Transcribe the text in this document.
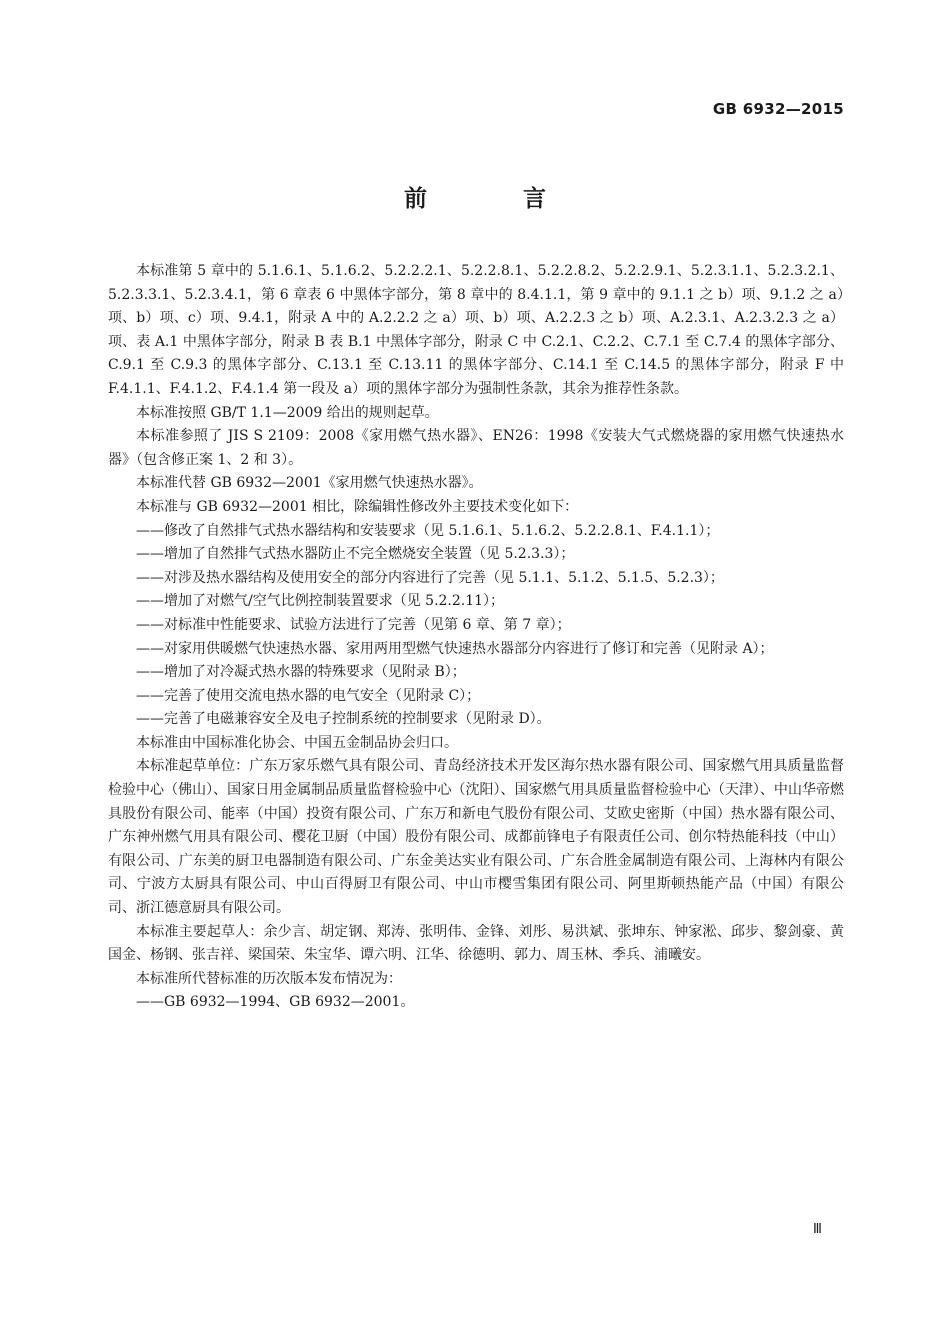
GB 6932—2015
前 言

本标准第 5 章中的 5.1.6.1、5.1.6.2、5.2.2.2.1、5.2.2.8.1、5.2.2.8.2、5.2.2.9.1、5.2.3.1.1、5.2.3.2.1、5.2.3.3.1、5.2.3.4.1，第 6 章表 6 中黑体字部分，第 8 章中的 8.4.1.1，第 9 章中的 9.1.1 之 b）项、9.1.2 之 a）项、b）项、c）项、9.4.1，附录 A 中的 A.2.2.2 之 a）项、b）项、A.2.2.3 之 b）项、A.2.3.1、A.2.3.2.3 之 a）项、表 A.1 中黑体字部分，附录 B 表 B.1 中黑体字部分，附录 C 中 C.2.1、C.2.2、C.7.1 至 C.7.4 的黑体字部分、C.9.1 至 C.9.3 的黑体字部分、C.13.1 至 C.13.11 的黑体字部分、C.14.1 至 C.14.5 的黑体字部分，附录 F 中 F.4.1.1、F.4.1.2、F.4.1.4 第一段及 a）项的黑体字部分为强制性条款，其余为推荐性条款。

本标准按照 GB/T 1.1—2009 给出的规则起草。

本标准参照了 JIS S 2109：2008《家用燃气热水器》、EN26：1998《安装大气式燃烧器的家用燃气快速热水器》（包含修正案 1、2 和 3）。

本标准代替 GB 6932—2001《家用燃气快速热水器》。

本标准与 GB 6932—2001 相比，除编辑性修改外主要技术变化如下：

——修改了自然排气式热水器结构和安装要求（见 5.1.6.1、5.1.6.2、5.2.2.8.1、F.4.1.1）；

——增加了自然排气式热水器防止不完全燃烧安全装置（见 5.2.3.3）；

——对涉及热水器结构及使用安全的部分内容进行了完善（见 5.1.1、5.1.2、5.1.5、5.2.3）；

——增加了对燃气/空气比例控制装置要求（见 5.2.2.11）；

——对标准中性能要求、试验方法进行了完善（见第 6 章、第 7 章）；

——对家用供暖燃气快速热水器、家用两用型燃气快速热水器部分内容进行了修订和完善（见附录 A）；

——增加了对冷凝式热水器的特殊要求（见附录 B）；

——完善了使用交流电热水器的电气安全（见附录 C）；

——完善了电磁兼容安全及电子控制系统的控制要求（见附录 D）。

本标准由中国标准化协会、中国五金制品协会归口。

本标准起草单位：广东万家乐燃气具有限公司、青岛经济技术开发区海尔热水器有限公司、国家燃气用具质量监督检验中心（佛山）、国家日用金属制品质量监督检验中心（沈阳）、国家燃气用具质量监督检验中心（天津）、中山华帝燃具股份有限公司、能率（中国）投资有限公司、广东万和新电气股份有限公司、艾欧史密斯（中国）热水器有限公司、广东神州燃气用具有限公司、樱花卫厨（中国）股份有限公司、成都前锋电子有限责任公司、创尔特热能科技（中山）有限公司、广东美的厨卫电器制造有限公司、广东金美达实业有限公司、广东合胜金属制造有限公司、上海林内有限公司、宁波方太厨具有限公司、中山百得厨卫有限公司、中山市樱雪集团有限公司、阿里斯顿热能产品（中国）有限公司、浙江德意厨具有限公司。

本标准主要起草人：余少言、胡定钢、郑涛、张明伟、金锋、刘彤、易洪斌、张坤东、钟家淞、邱步、黎剑豪、黄国金、杨钢、张吉祥、梁国荣、朱宝华、谭六明、江华、徐德明、郭力、周玉林、季兵、浦曦安。

本标准所代替标准的历次版本发布情况为：

——GB 6932—1994、GB 6932—2001。

Ⅲ
